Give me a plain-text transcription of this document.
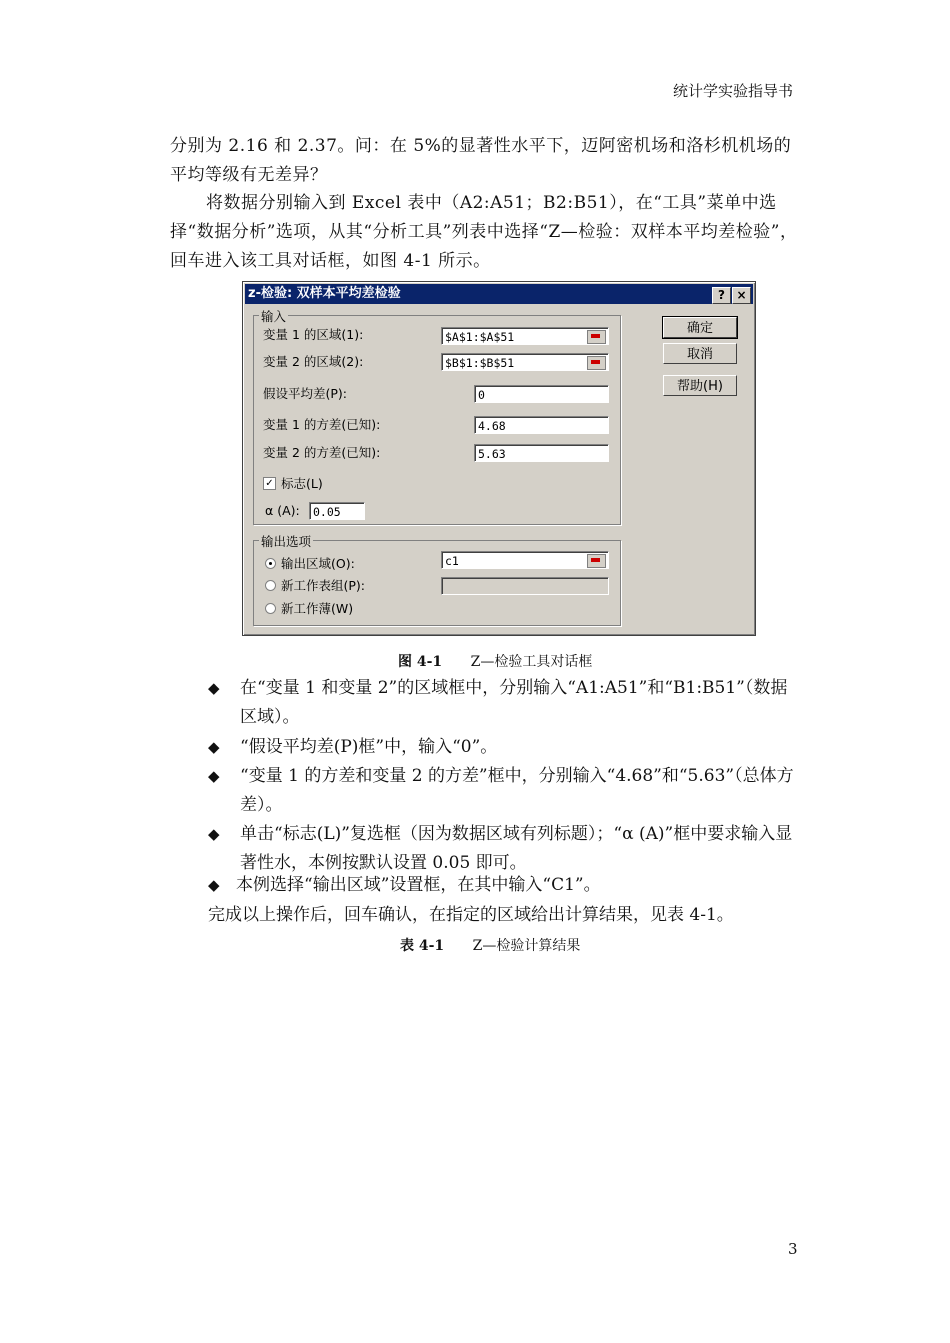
统计学实验指导书
分别为 2.16 和 2.37。问：在 5%的显著性水平下，迈阿密机场和洛杉机机场的平均等级有无差异？
将数据分别输入到 Excel 表中（A2:A51；B2:B51），在“工具”菜单中选择“数据分析”选项，从其“分析工具”列表中选择“Z—检验：双样本平均差检验”，回车进入该工具对话框，如图 4-1 所示。
z-检验: 双样本平均差检验	? ×
输入
变量 1 的区域(1):	$A$1:$A$51
变量 2 的区域(2):	$B$1:$B$51
假设平均差(P):	0
变量 1 的方差(已知):	4.68
变量 2 的方差(已知):	5.63
✓ 标志(L)
α (A):	0.05
输出选项
输出区域(O):	c1
新工作表组(P):
新工作薄(W)
确定
取消
帮助(H)
图 4-1 Z—检验工具对话框
◆	在“变量 1 和变量 2”的区域框中，分别输入“A1:A51”和“B1:B51”（数据区域）。
◆	“假设平均差(P)框”中，输入“0”。
◆	“变量 1 的方差和变量 2 的方差”框中，分别输入“4.68”和“5.63”（总体方差）。
◆	单击“标志(L)”复选框（因为数据区域有列标题）；“α (A)”框中要求输入显著性水，本例按默认设置 0.05 即可。
◆ 本例选择“输出区域”设置框，在其中输入“C1”。
完成以上操作后，回车确认，在指定的区域给出计算结果，见表 4-1。
表 4-1 Z—检验计算结果
3
